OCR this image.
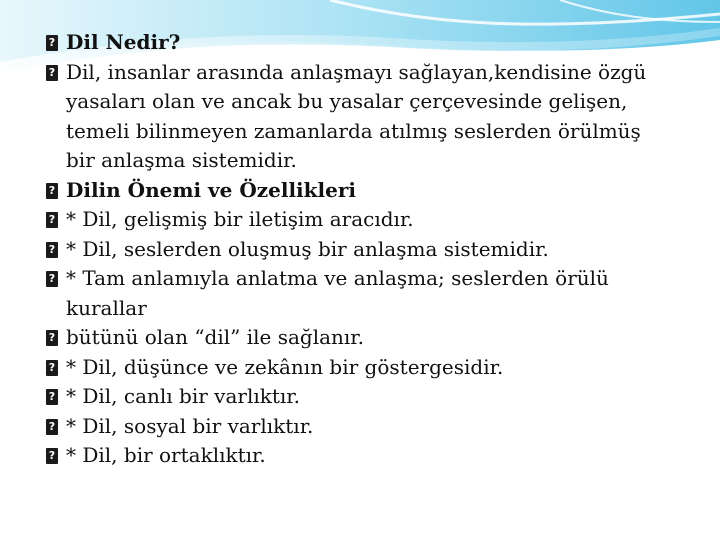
?
Dil Nedir?
?
Dil, insanlar arasında anlaşmayı sağlayan,kendisine özgü
yasaları olan ve ancak bu yasalar çerçevesinde gelişen,
temeli bilinmeyen zamanlarda atılmış seslerden örülmüş
bir anlaşma sistemidir.
?
Dilin Önemi ve Özellikleri
?
* Dil, gelişmiş bir iletişim aracıdır.
?
* Dil, seslerden oluşmuş bir anlaşma sistemidir.
?
* Tam anlamıyla anlatma ve anlaşma; seslerden örülü
kurallar
?
bütünü olan “dil” ile sağlanır.
?
* Dil, düşünce ve zekânın bir göstergesidir.
?
* Dil, canlı bir varlıktır.
?
* Dil, sosyal bir varlıktır.
?
* Dil, bir ortaklıktır.
